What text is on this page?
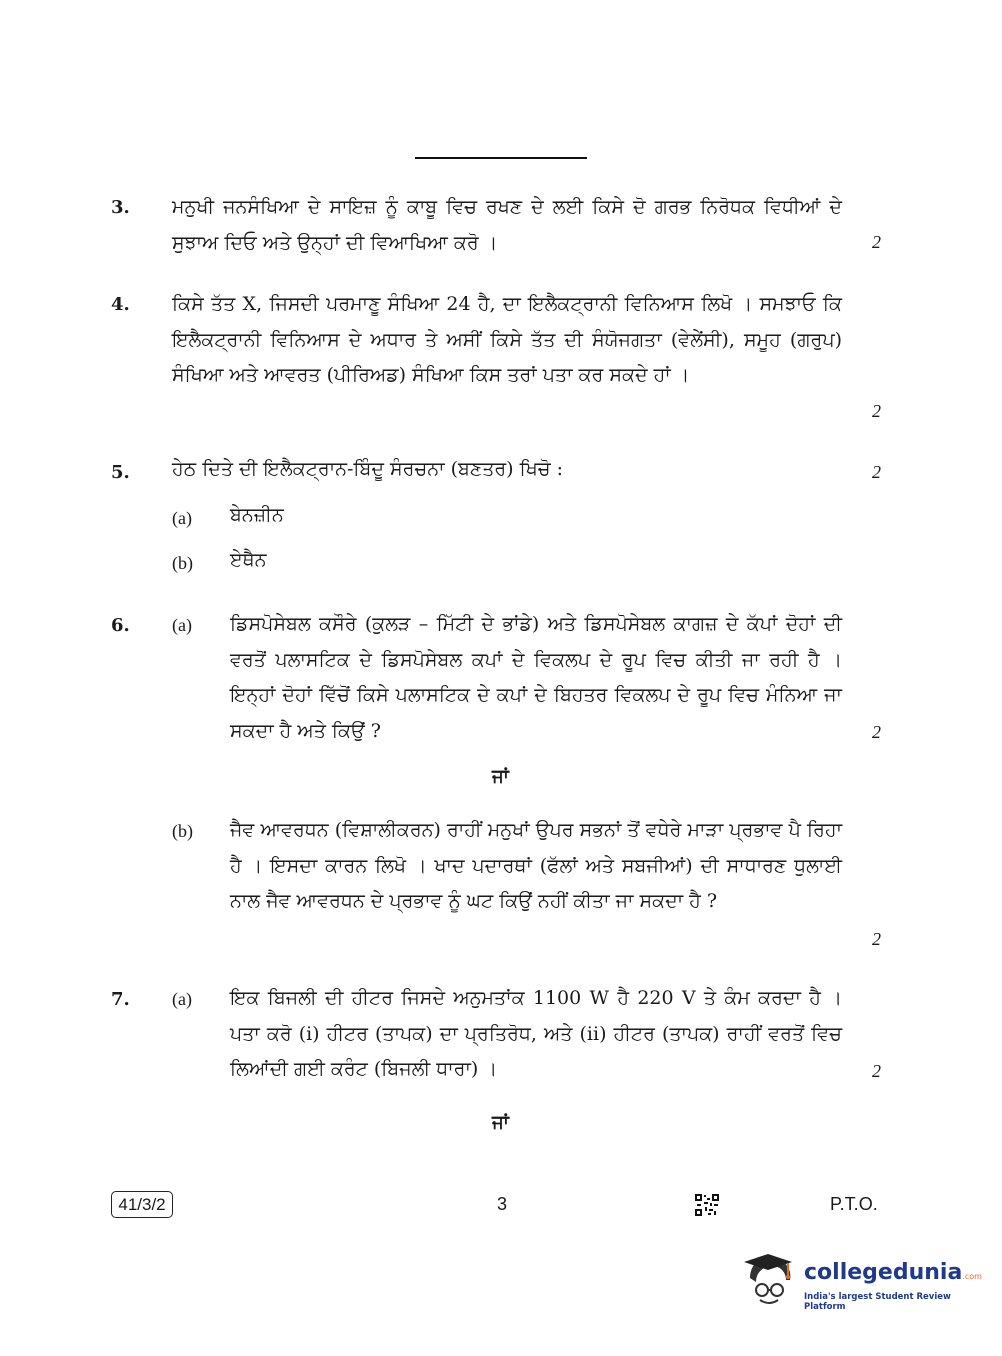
3. ਮਨੁਖੀ ਜਨਸੰਖਿਆ ਦੇ ਸਾਇਜ਼ ਨੂੰ ਕਾਬੂ ਵਿਚ ਰਖਣ ਦੇ ਲਈ ਕਿਸੇ ਦੋ ਗਰਭ ਨਿਰੋਧਕ ਵਿਧੀਆਂ ਦੇ ਸੁਝਾਅ ਦਿਓ ਅਤੇ ਉਨ੍ਹਾਂ ਦੀ ਵਿਆਖਿਆ ਕਰੋ ।	2
4. ਕਿਸੇ ਤੱਤ X, ਜਿਸਦੀ ਪਰਮਾਣੂ ਸੰਖਿਆ 24 ਹੈ, ਦਾ ਇਲੈਕਟ੍ਰਾਨੀ ਵਿਨਿਆਸ ਲਿਖੋ । ਸਮਝਾਓ ਕਿ ਇਲੈਕਟ੍ਰਾਨੀ ਵਿਨਿਆਸ ਦੇ ਅਧਾਰ ਤੇ ਅਸੀਂ ਕਿਸੇ ਤੱਤ ਦੀ ਸੰਯੋਜਗਤਾ (ਵੇਲੇਂਸੀ), ਸਮੂਹ (ਗਰੁਪ) ਸੰਖਿਆ ਅਤੇ ਆਵਰਤ (ਪੀਰਿਅਡ) ਸੰਖਿਆ ਕਿਸ ਤਰਾਂ ਪਤਾ ਕਰ ਸਕਦੇ ਹਾਂ ।
2
5. ਹੇਠ ਦਿਤੇ ਦੀ ਇਲੈਕਟ੍ਰਾਨ-ਬਿੰਦੂ ਸੰਰਚਨਾ (ਬਣਤਰ) ਖਿਚੋ :	2
(a) ਬੇਨਜ਼ੀਨ
(b) ਏਥੈਨ
6. (a) ਡਿਸਪੋਸੇਬਲ ਕਸੌਰੇ (ਕੁਲੜ – ਮਿੱਟੀ ਦੇ ਭਾਂਡੇ) ਅਤੇ ਡਿਸਪੋਸੇਬਲ ਕਾਗਜ਼ ਦੇ ਕੱਪਾਂ ਦੋਹਾਂ ਦੀ ਵਰਤੋਂ ਪਲਾਸਟਿਕ ਦੇ ਡਿਸਪੋਸੇਬਲ ਕਪਾਂ ਦੇ ਵਿਕਲਪ ਦੇ ਰੂਪ ਵਿਚ ਕੀਤੀ ਜਾ ਰਹੀ ਹੈ । ਇਨ੍ਹਾਂ ਦੋਹਾਂ ਵਿੱਚੋਂ ਕਿਸੇ ਪਲਾਸਟਿਕ ਦੇ ਕਪਾਂ ਦੇ ਬਿਹਤਰ ਵਿਕਲਪ ਦੇ ਰੂਪ ਵਿਚ ਮੰਨਿਆ ਜਾ ਸਕਦਾ ਹੈ ਅਤੇ ਕਿਉਂ ?	2
ਜਾਂ
(b) ਜੈਵ ਆਵਰਧਨ (ਵਿਸ਼ਾਲੀਕਰਨ) ਰਾਹੀਂ ਮਨੁਖਾਂ ਉਪਰ ਸਭਨਾਂ ਤੋਂ ਵਧੇਰੇ ਮਾੜਾ ਪ੍ਰਭਾਵ ਪੈ ਰਿਹਾ ਹੈ । ਇਸਦਾ ਕਾਰਨ ਲਿਖੋ । ਖਾਦ ਪਦਾਰਥਾਂ (ਫੱਲਾਂ ਅਤੇ ਸਬਜੀਆਂ) ਦੀ ਸਾਧਾਰਣ ਧੁਲਾਈ ਨਾਲ ਜੈਵ ਆਵਰਧਨ ਦੇ ਪ੍ਰਭਾਵ ਨੂੰ ਘਟ ਕਿਉਂ ਨਹੀਂ ਕੀਤਾ ਜਾ ਸਕਦਾ ਹੈ ?
2
7. (a) ਇਕ ਬਿਜਲੀ ਦੀ ਹੀਟਰ ਜਿਸਦੇ ਅਨੁਮਤਾਂਕ 1100 W ਹੈ 220 V ਤੇ ਕੰਮ ਕਰਦਾ ਹੈ । ਪਤਾ ਕਰੋ (i) ਹੀਟਰ (ਤਾਪਕ) ਦਾ ਪ੍ਰਤਿਰੋਧ, ਅਤੇ (ii) ਹੀਟਰ (ਤਾਪਕ) ਰਾਹੀਂ ਵਰਤੋਂ ਵਿਚ ਲਿਆਂਦੀ ਗਈ ਕਰੰਟ (ਬਿਜਲੀ ਧਾਰਾ) ।	2
ਜਾਂ
41/3/2	3	P.T.O.
collegedunia.com
India's largest Student Review Platform
